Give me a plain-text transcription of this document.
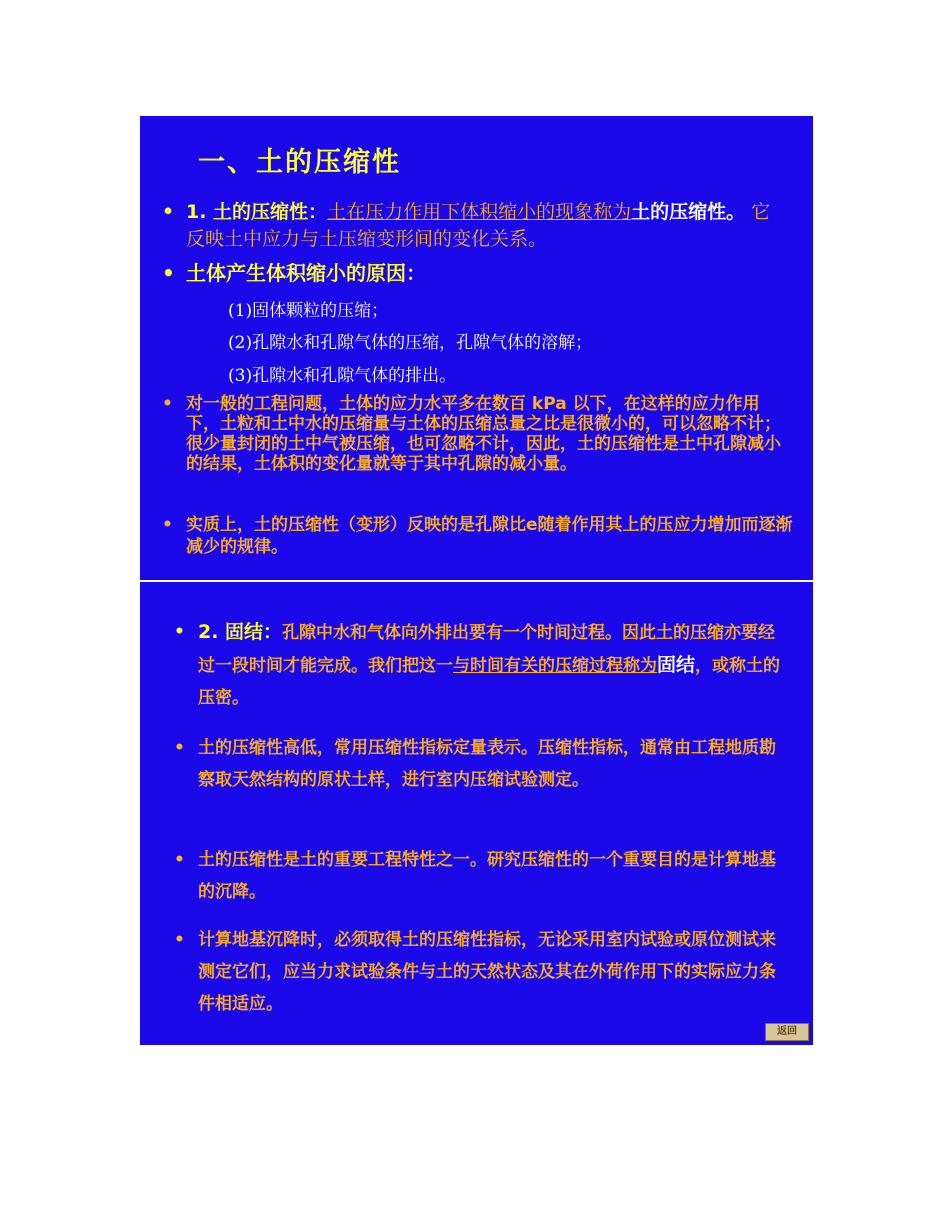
一、土的压缩性
• 1. 土的压缩性：土在压力作用下体积缩小的现象称为土的压缩性。 它反映土中应力与土压缩变形间的变化关系。
• 土体产生体积缩小的原因：
(1)固体颗粒的压缩；
(2)孔隙水和孔隙气体的压缩，孔隙气体的溶解；
(3)孔隙水和孔隙气体的排出。
• 对一般的工程问题，土体的应力水平多在数百 kPa 以下，在这样的应力作用下，土粒和土中水的压缩量与土体的压缩总量之比是很微小的，可以忽略不计；很少量封闭的土中气被压缩，也可忽略不计，因此，土的压缩性是土中孔隙减小的结果，土体积的变化量就等于其中孔隙的减小量。
• 实质上，土的压缩性（变形）反映的是孔隙比e随着作用其上的压应力增加而逐渐减少的规律。
• 2. 固结：孔隙中水和气体向外排出要有一个时间过程。因此土的压缩亦要经过一段时间才能完成。我们把这一与时间有关的压缩过程称为固结，或称土的压密。
• 土的压缩性高低，常用压缩性指标定量表示。压缩性指标，通常由工程地质勘察取天然结构的原状土样，进行室内压缩试验测定。
• 土的压缩性是土的重要工程特性之一。研究压缩性的一个重要目的是计算地基的沉降。
• 计算地基沉降时，必须取得土的压缩性指标，无论采用室内试验或原位测试来测定它们，应当力求试验条件与土的天然状态及其在外荷作用下的实际应力条件相适应。
返回
